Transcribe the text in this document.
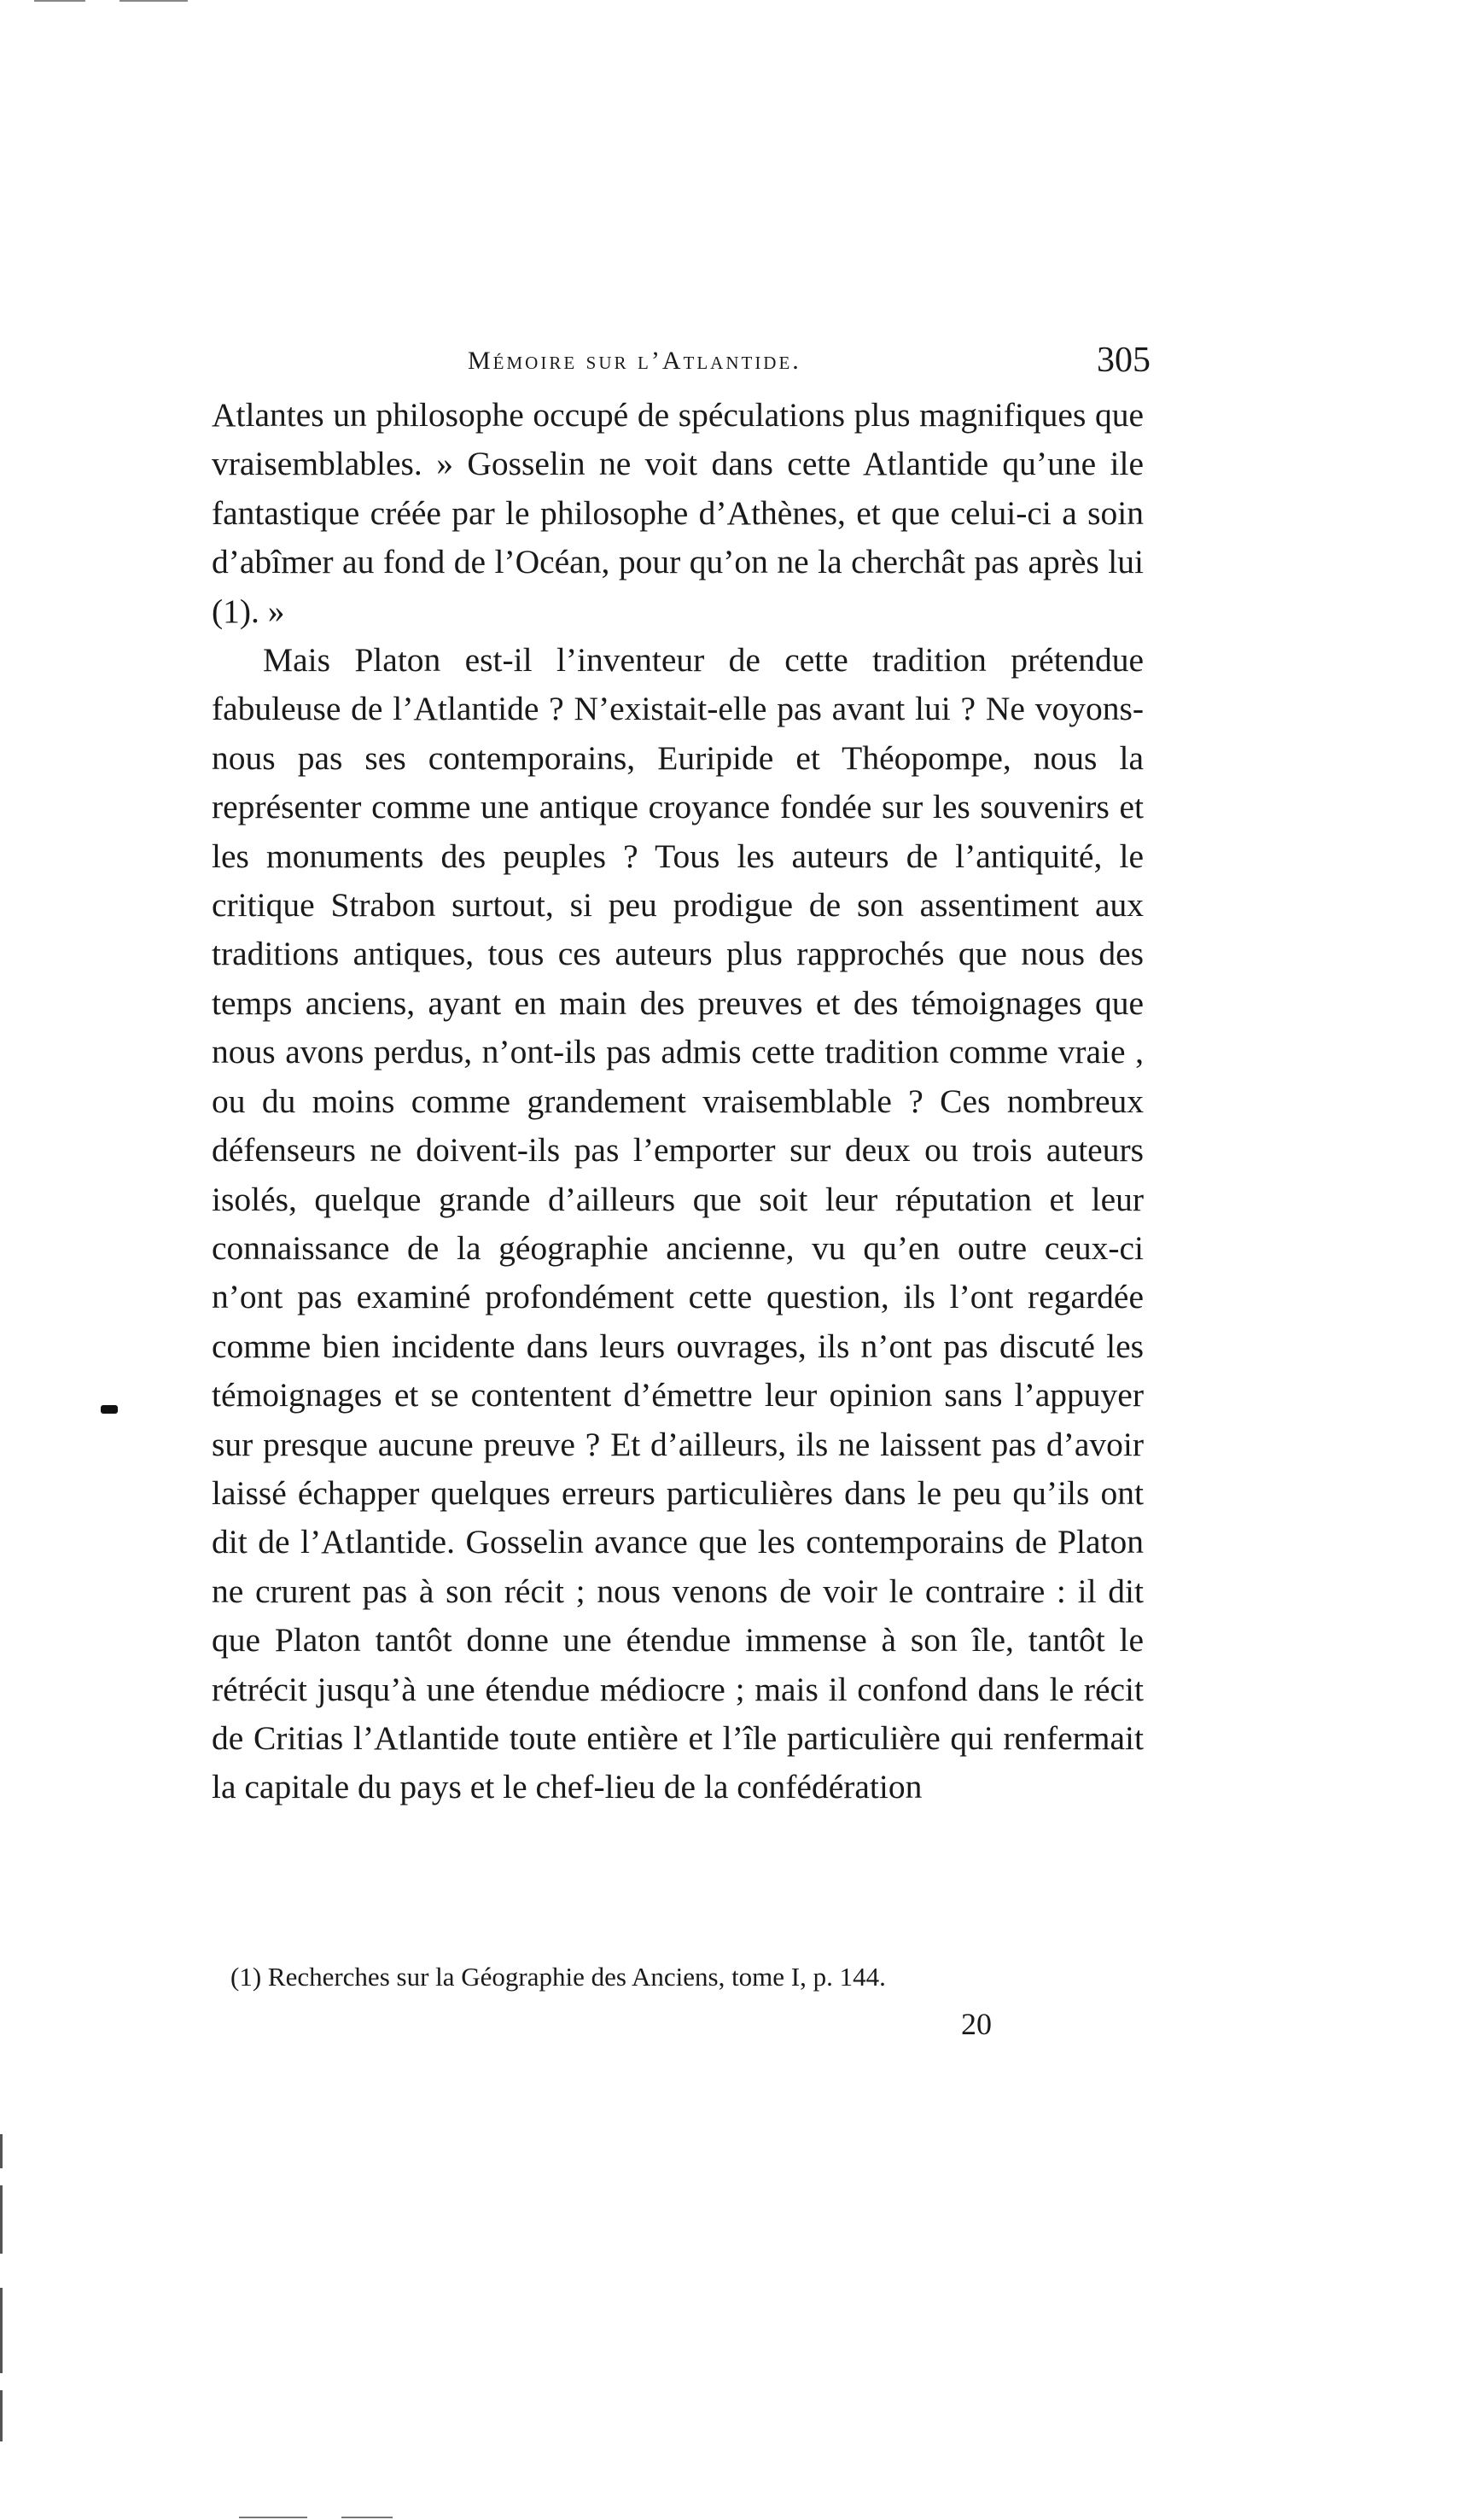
Mémoire sur l’Atlantide.	305

Atlantes un philosophe occupé de spéculations plus magnifiques que vraisemblables. » Gosselin ne voit dans cette Atlantide qu’une ile fantastique créée par le philosophe d’Athènes, et que celui-ci a soin d’abîmer au fond de l’Océan, pour qu’on ne la cherchât pas après lui (1). »

Mais Platon est-il l’inventeur de cette tradition prétendue fabuleuse de l’Atlantide ? N’existait-elle pas avant lui ? Ne voyons-nous pas ses contemporains, Euripide et Théopompe, nous la représenter comme une antique croyance fondée sur les souvenirs et les monuments des peuples ? Tous les auteurs de l’antiquité, le critique Strabon surtout, si peu prodigue de son assentiment aux traditions antiques, tous ces auteurs plus rapprochés que nous des temps anciens, ayant en main des preuves et des témoignages que nous avons perdus, n’ont-ils pas admis cette tradition comme vraie , ou du moins comme grandement vraisemblable ? Ces nombreux défenseurs ne doivent-ils pas l’emporter sur deux ou trois auteurs isolés, quelque grande d’ailleurs que soit leur réputation et leur connaissance de la géographie ancienne, vu qu’en outre ceux-ci n’ont pas examiné profondément cette question, ils l’ont regardée comme bien incidente dans leurs ouvrages, ils n’ont pas discuté les témoignages et se contentent d’émettre leur opinion sans l’appuyer sur presque aucune preuve ? Et d’ailleurs, ils ne laissent pas d’avoir laissé échapper quelques erreurs particulières dans le peu qu’ils ont dit de l’Atlantide. Gosselin avance que les contemporains de Platon ne crurent pas à son récit ; nous venons de voir le contraire : il dit que Platon tantôt donne une étendue immense à son île, tantôt le rétrécit jusqu’à une étendue médiocre ; mais il confond dans le récit de Critias l’Atlantide toute entière et l’île particulière qui renfermait la capitale du pays et le chef-lieu de la confédération

(1) Recherches sur la Géographie des Anciens, tome I, p. 144.
20
